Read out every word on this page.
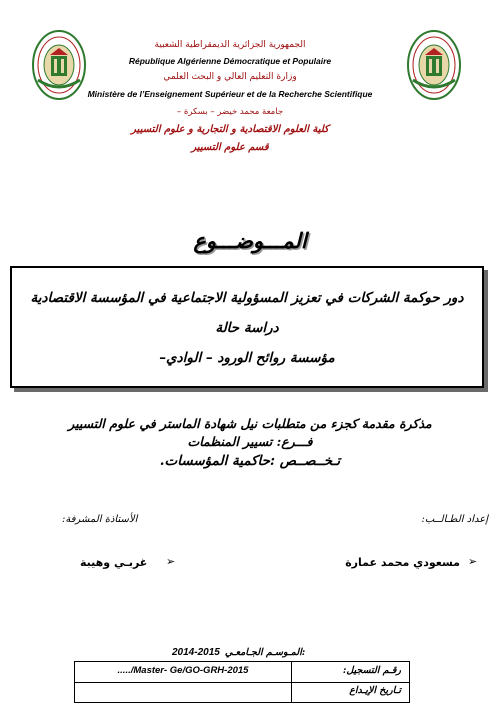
الجمهورية الجزائرية الديمقراطية الشعبية
République Algérienne Démocratique et Populaire
وزارة التعليم العالي و البحث العلمي
Ministère de l’Enseignement Supérieur et de la Recherche Scientifique
جامعة محمد خيضر – بسكرة –
كلية العلوم الاقتصادية و التجارية و علوم التسيير
قسم علوم التسيير
المـــوضـــوع
دور حوكمة الشركات في تعزيز المسؤولية الاجتماعية في المؤسسة الاقتصادية
دراسة حالة
مؤسسة روائح الورود – الوادي–
مذكرة مقدمة كجزء من متطلبات نيل شهادة الماستر في علوم التسيير
فـــرع: تسيير المنظمات
تـخــصــص :حاكمية المؤسسات.
إعداد الطـالــب:
الأستاذة المشرفة:
➢
مسعودي محمد عمارة
➢
غربـي وهيبة
2014-2015 المـوسـم الجـامعـي:
...../Master- Ge/GO-GRH-2015	رقـم التسجيل:
تـاريخ الإيـداع
